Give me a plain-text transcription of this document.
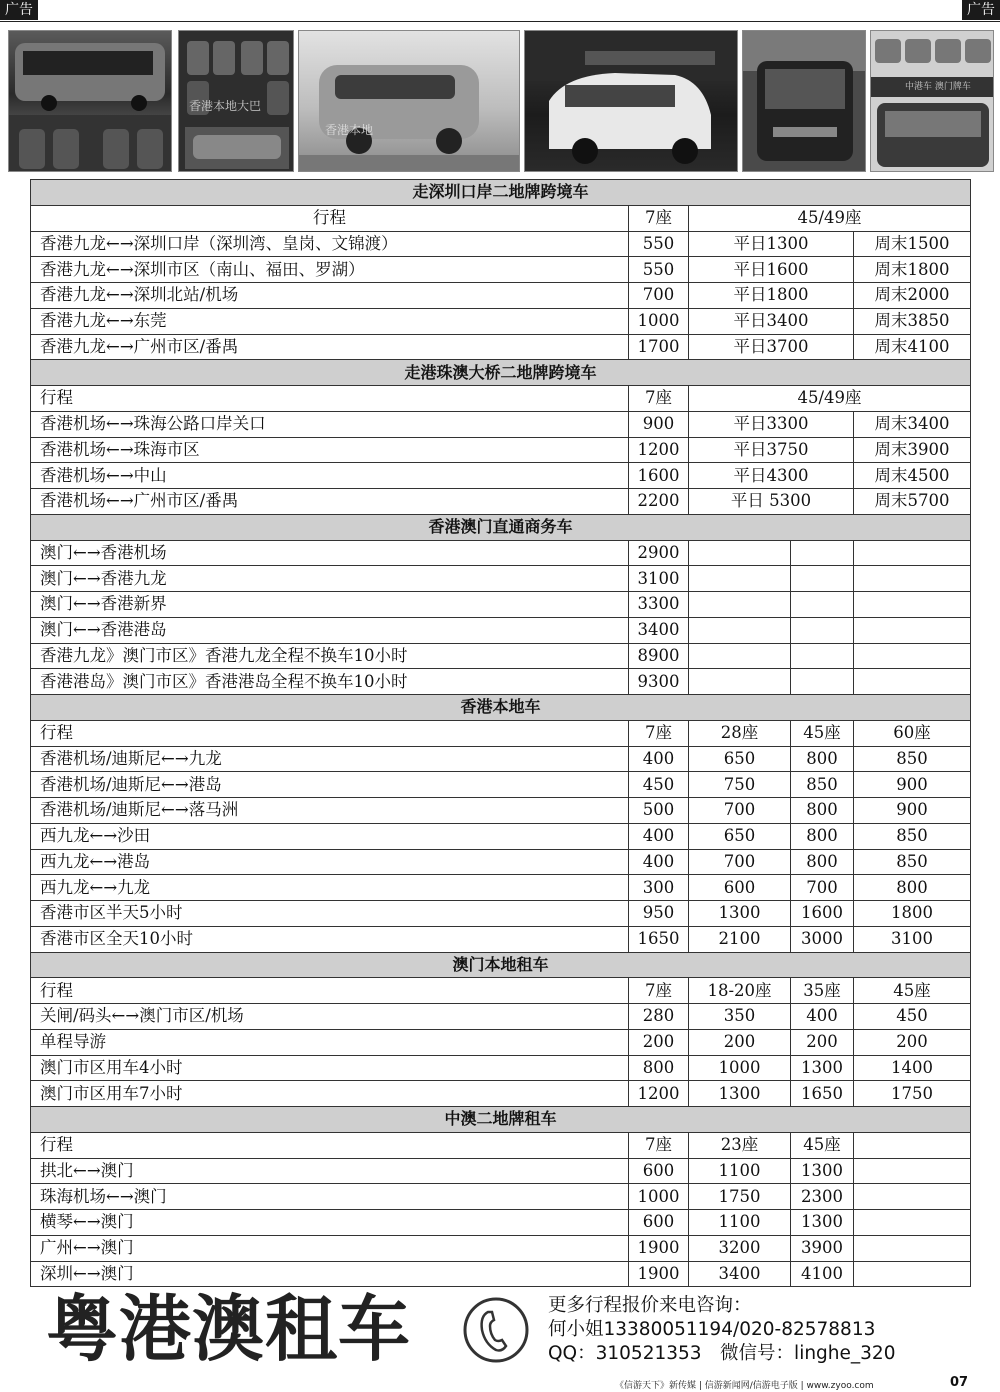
广告	广告
香港本地大巴
香港本地
中港车 澳门牌车
走深圳口岸二地牌跨境车				
行程	7座	45/49座		
香港九龙←→深圳口岸（深圳湾、皇岗、文锦渡）	550	平日1300		周末1500
香港九龙←→深圳市区（南山、福田、罗湖）	550	平日1600		周末1800
香港九龙←→深圳北站/机场	700	平日1800		周末2000
香港九龙←→东莞	1000	平日3400		周末3850
香港九龙←→广州市区/番禺	1700	平日3700		周末4100
走港珠澳大桥二地牌跨境车				
行程	7座	45/49座		
香港机场←→珠海公路口岸关口	900	平日3300		周末3400
香港机场←→珠海市区	1200	平日3750		周末3900
香港机场←→中山	1600	平日4300		周末4500
香港机场←→广州市区/番禺	2200	平日 5300		周末5700
香港澳门直通商务车				
澳门←→香港机场	2900			
澳门←→香港九龙	3100			
澳门←→香港新界	3300			
澳门←→香港港岛	3400			
香港九龙》澳门市区》香港九龙全程不换车10小时	8900			
香港港岛》澳门市区》香港港岛全程不换车10小时	9300			
香港本地车				
行程	7座	28座	45座	60座
香港机场/迪斯尼←→九龙	400	650	800	850
香港机场/迪斯尼←→港岛	450	750	850	900
香港机场/迪斯尼←→落马洲	500	700	800	900
西九龙←→沙田	400	650	800	850
西九龙←→港岛	400	700	800	850
西九龙←→九龙	300	600	700	800
香港市区半天5小时	950	1300	1600	1800
香港市区全天10小时	1650	2100	3000	3100
澳门本地租车				
行程	7座	18-20座	35座	45座
关闸/码头←→澳门市区/机场	280	350	400	450
单程导游	200	200	200	200
澳门市区用车4小时	800	1000	1300	1400
澳门市区用车7小时	1200	1300	1650	1750
中澳二地牌租车				
行程	7座	23座	45座	
拱北←→澳门	600	1100	1300	
珠海机场←→澳门	1000	1750	2300	
横琴←→澳门	600	1100	1300	
广州←→澳门	1900	3200	3900	
深圳←→澳门	1900	3400	4100	
粤港澳租车	更多行程报价来电咨询：
何小姐13380051194/020-82578813
QQ：310521353　微信号：linghe_320
《信游天下》新传媒 | 信游新闻网/信游电子版 | www.zyoo.com	07
